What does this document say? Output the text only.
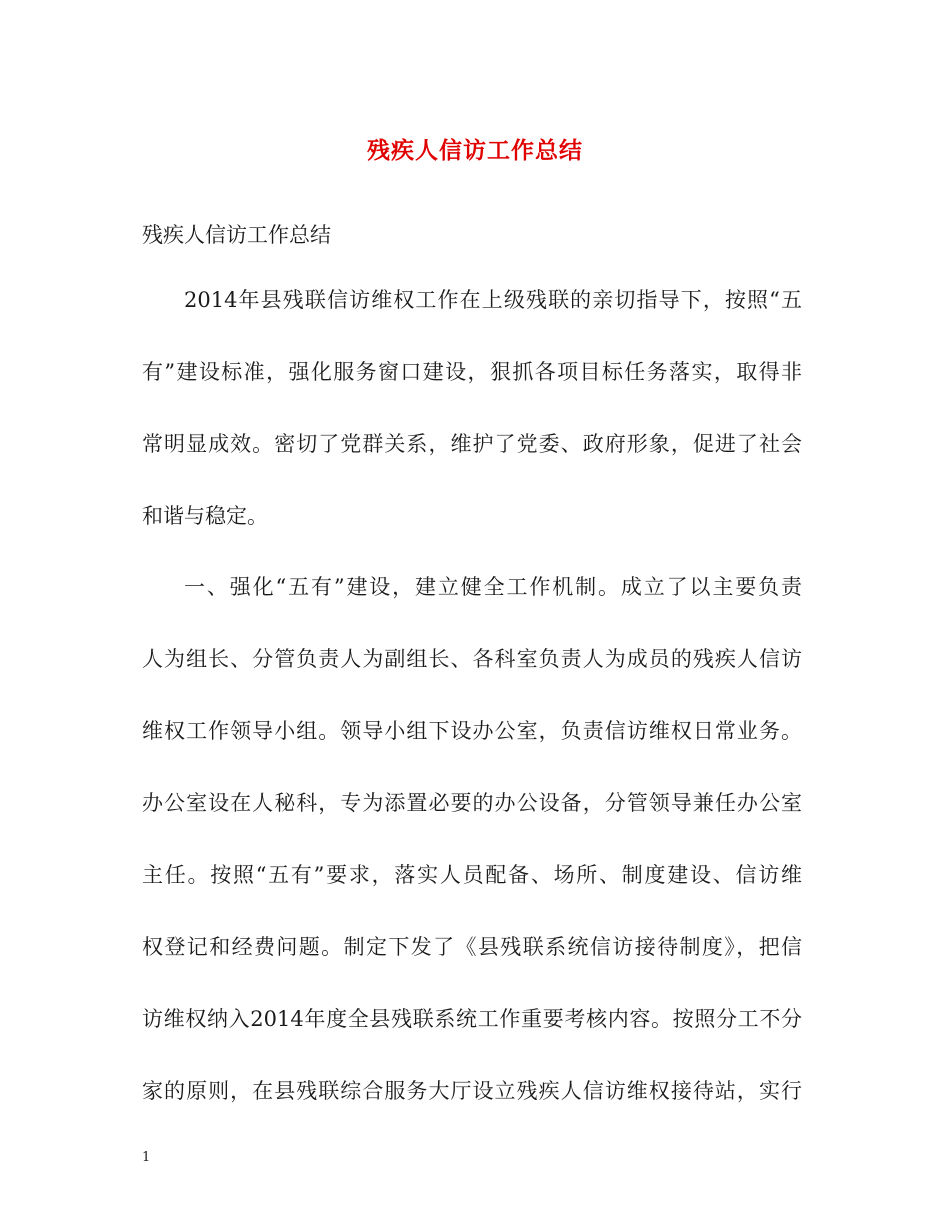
残疾人信访工作总结
残疾人信访工作总结
2014年县残联信访维权工作在上级残联的亲切指导下，按照“五
有”建设标准，强化服务窗口建设，狠抓各项目标任务落实，取得非
常明显成效。密切了党群关系，维护了党委、政府形象，促进了社会
和谐与稳定。
一、强化“五有”建设，建立健全工作机制。成立了以主要负责
人为组长、分管负责人为副组长、各科室负责人为成员的残疾人信访
维权工作领导小组。领导小组下设办公室，负责信访维权日常业务。
办公室设在人秘科，专为添置必要的办公设备，分管领导兼任办公室
主任。按照“五有”要求，落实人员配备、场所、制度建设、信访维
权登记和经费问题。制定下发了《县残联系统信访接待制度》，把信
访维权纳入2014年度全县残联系统工作重要考核内容。按照分工不分
家的原则，在县残联综合服务大厅设立残疾人信访维权接待站，实行
1
